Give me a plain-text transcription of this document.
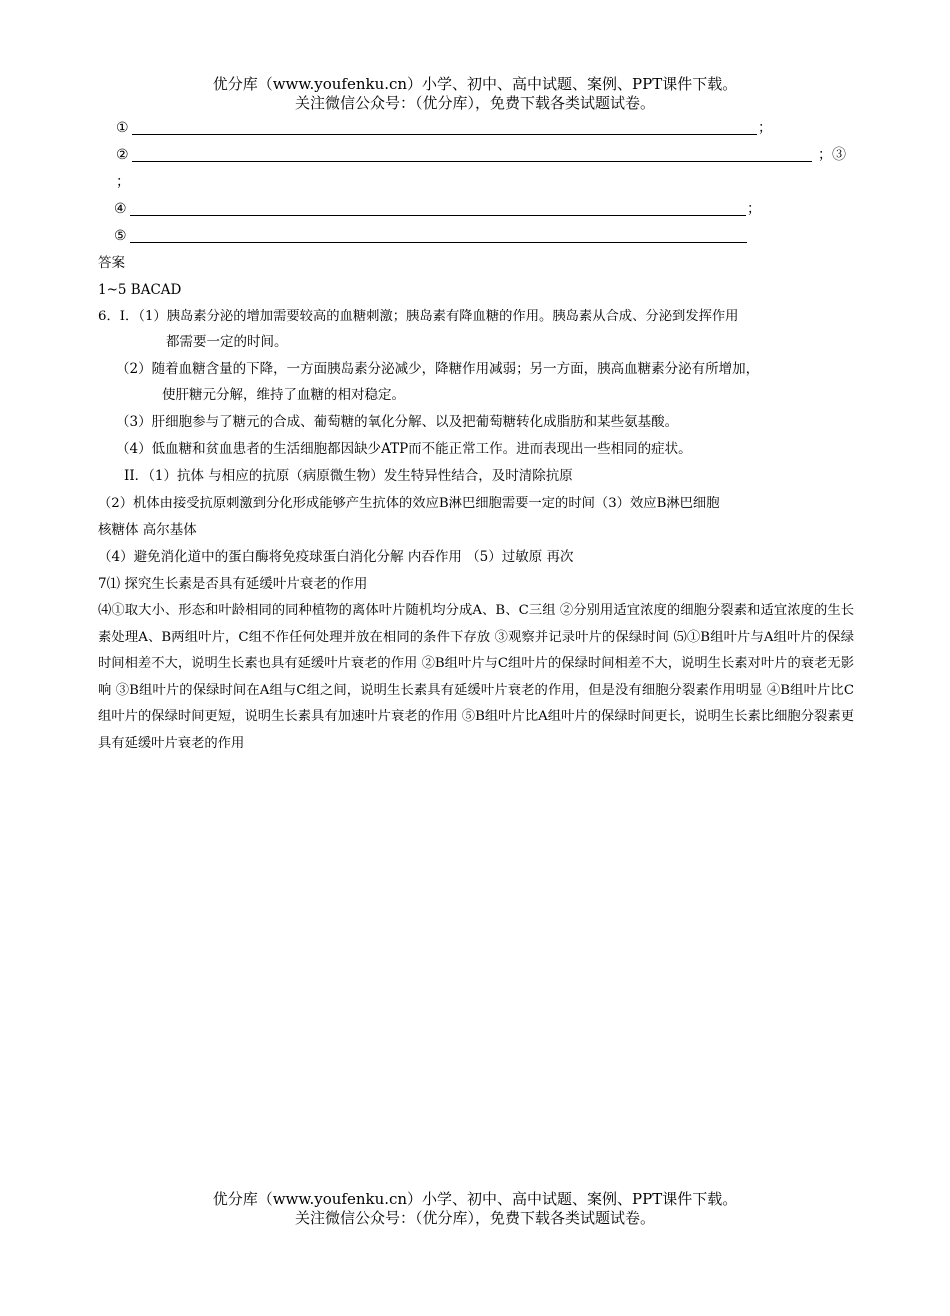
优分库（www.youfenku.cn）小学、初中、高中试题、案例、PPT课件下载。
关注微信公众号：（优分库），免费下载各类试题试卷。
①	；
②	；③
；
④	；
⑤
答案
1~5 BACAD
6．I．（1）胰岛素分泌的增加需要较高的血糖刺激；胰岛素有降血糖的作用。胰岛素从合成、分泌到发挥作用
都需要一定的时间。
（2）随着血糖含量的下降，一方面胰岛素分泌减少，降糖作用减弱；另一方面，胰高血糖素分泌有所增加，
使肝糖元分解，维持了血糖的相对稳定。
（3）肝细胞参与了糖元的合成、葡萄糖的氧化分解、以及把葡萄糖转化成脂肪和某些氨基酸。
（4）低血糖和贫血患者的生活细胞都因缺少ATP而不能正常工作。进而表现出一些相同的症状。
II．（1）抗体 与相应的抗原（病原微生物）发生特异性结合，及时清除抗原
（2）机体由接受抗原刺激到分化形成能够产生抗体的效应B淋巴细胞需要一定的时间（3）效应B淋巴细胞
核糖体 高尔基体
（4）避免消化道中的蛋白酶将免疫球蛋白消化分解 内吞作用 （5）过敏原 再次
7⑴ 探究生长素是否具有延缓叶片衰老的作用
⑷①取大小、形态和叶龄相同的同种植物的离体叶片随机均分成A、B、C三组 ②分别用适宜浓度的细胞分裂素和适宜浓度的生长素处理A、B两组叶片，C组不作任何处理并放在相同的条件下存放 ③观察并记录叶片的保绿时间 ⑸①B组叶片与A组叶片的保绿时间相差不大，说明生长素也具有延缓叶片衰老的作用 ②B组叶片与C组叶片的保绿时间相差不大，说明生长素对叶片的衰老无影响 ③B组叶片的保绿时间在A组与C组之间，说明生长素具有延缓叶片衰老的作用，但是没有细胞分裂素作用明显 ④B组叶片比C组叶片的保绿时间更短，说明生长素具有加速叶片衰老的作用 ⑤B组叶片比A组叶片的保绿时间更长，说明生长素比细胞分裂素更具有延缓叶片衰老的作用
优分库（www.youfenku.cn）小学、初中、高中试题、案例、PPT课件下载。
关注微信公众号：（优分库），免费下载各类试题试卷。
